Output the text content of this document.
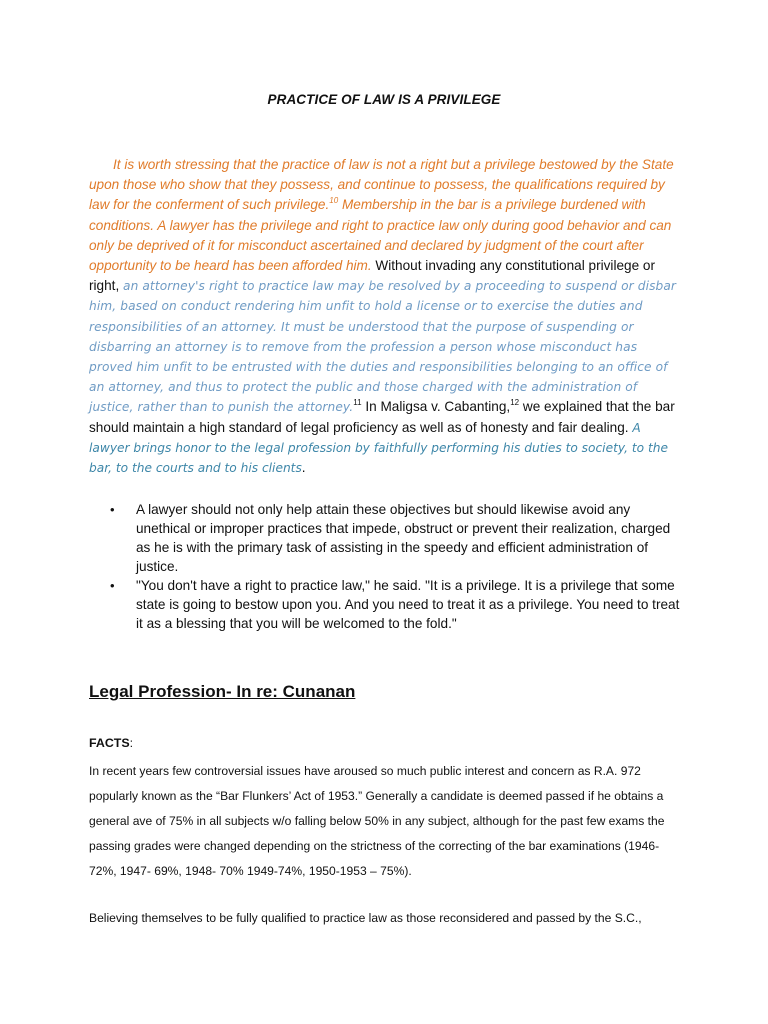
PRACTICE OF LAW IS A PRIVILEGE
It is worth stressing that the practice of law is not a right but a privilege bestowed by the State upon those who show that they possess, and continue to possess, the qualifications required by law for the conferment of such privilege.$^{10}$ Membership in the bar is a privilege burdened with conditions. A lawyer has the privilege and right to practice law only during good behavior and can only be deprived of it for misconduct ascertained and declared by judgment of the court after opportunity to be heard has been afforded him. Without invading any constitutional privilege or right, an attorney's right to practice law may be resolved by a proceeding to suspend or disbar him, based on conduct rendering him unfit to hold a license or to exercise the duties and responsibilities of an attorney. It must be understood that the purpose of suspending or disbarring an attorney is to remove from the profession a person whose misconduct has proved him unfit to be entrusted with the duties and responsibilities belonging to an office of an attorney, and thus to protect the public and those charged with the administration of justice, rather than to punish the attorney.$^{11}$ In Maligsa v. Cabanting,$^{12}$ we explained that the bar should maintain a high standard of legal proficiency as well as of honesty and fair dealing. A lawyer brings honor to the legal profession by faithfully performing his duties to society, to the bar, to the courts and to his clients.
• A lawyer should not only help attain these objectives but should likewise avoid any unethical or improper practices that impede, obstruct or prevent their realization, charged as he is with the primary task of assisting in the speedy and efficient administration of justice.
• "You don't have a right to practice law," he said. "It is a privilege. It is a privilege that some state is going to bestow upon you. And you need to treat it as a privilege. You need to treat it as a blessing that you will be welcomed to the fold."
Legal Profession- In re: Cunanan
FACTS:
In recent years few controversial issues have aroused so much public interest and concern as R.A. 972 popularly known as the “Bar Flunkers’ Act of 1953.” Generally a candidate is deemed passed if he obtains a general ave of 75% in all subjects w/o falling below 50% in any subject, although for the past few exams the passing grades were changed depending on the strictness of the correcting of the bar examinations (1946- 72%, 1947- 69%, 1948- 70% 1949-74%, 1950-1953 – 75%).
Believing themselves to be fully qualified to practice law as those reconsidered and passed by the S.C.,
